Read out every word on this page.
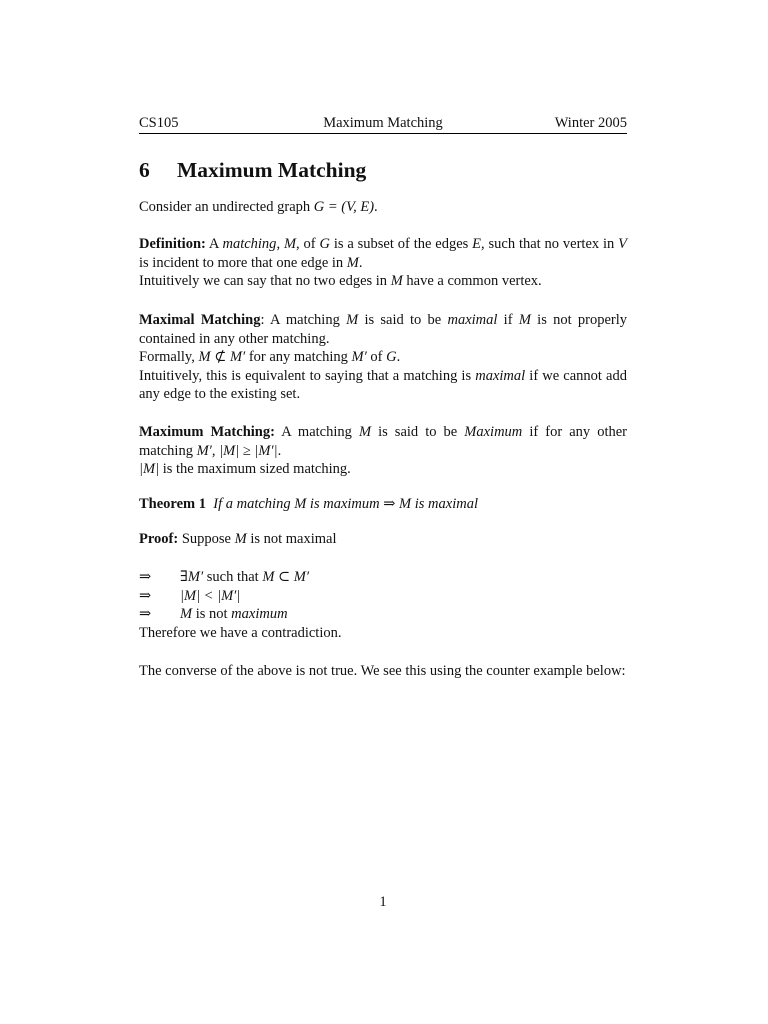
CS105	Maximum Matching	Winter 2005
6 Maximum Matching

Consider an undirected graph G = (V, E).

Definition: A matching, M, of G is a subset of the edges E, such that no vertex in V is incident to more that one edge in M.

Intuitively we can say that no two edges in M have a common vertex.

Maximal Matching: A matching M is said to be maximal if M is not properly contained in any other matching.

Formally, M ⊄ M′ for any matching M′ of G.

Intuitively, this is equivalent to saying that a matching is maximal if we cannot add any edge to the existing set.

Maximum Matching: A matching M is said to be Maximum if for any other matching M′, |M| ≥ |M′|.

|M| is the maximum sized matching.

Theorem 1 If a matching M is maximum ⇒ M is maximal

Proof: Suppose M is not maximal

⇒ ∃M′ such that M ⊂ M′
⇒ |M| < |M′|
⇒ M is not maximum

Therefore we have a contradiction.

The converse of the above is not true. We see this using the counter example below:

1
